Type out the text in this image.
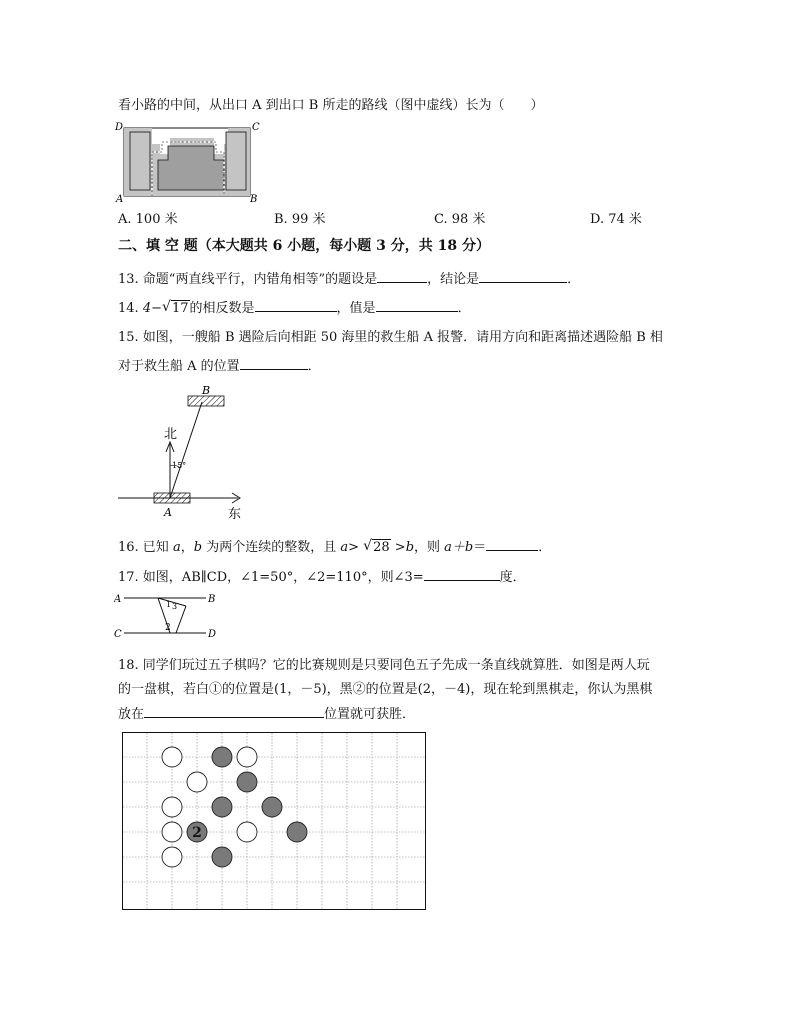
看小路的中间，从出口 A 到出口 B 所走的路线（图中虚线）长为（　　）
D	C
A	B
A. 100 米	B. 99 米	C. 98 米	D. 74 米
二、填 空 题（本大题共 6 小题，每小题 3 分，共 18 分）
13. 命题“两直线平行，内错角相等”的题设是	，结论是	．
14. 4− √ 17的相反数是	，值是	．
15. 如图，一艘船 B 遇险后向相距 50 海里的救生船 A 报警．请用方向和距离描述遇险船 B 相
对于救生船 A 的位置	．
15°
B
A
北
东
16. 已知 a，b 为两个连续的整数，且 a> √ 28 >b，则 a＋b＝	．
17. 如图，AB∥CD，∠1=50°，∠2=110°，则∠3=	度．
A	B
C	D
1 3
2
18. 同学们玩过五子棋吗？它的比赛规则是只要同色五子先成一条直线就算胜．如图是两人玩
的一盘棋，若白①的位置是(1，－5)，黑②的位置是(2，－4)，现在轮到黑棋走，你认为黑棋
放在	位置就可获胜．
2
